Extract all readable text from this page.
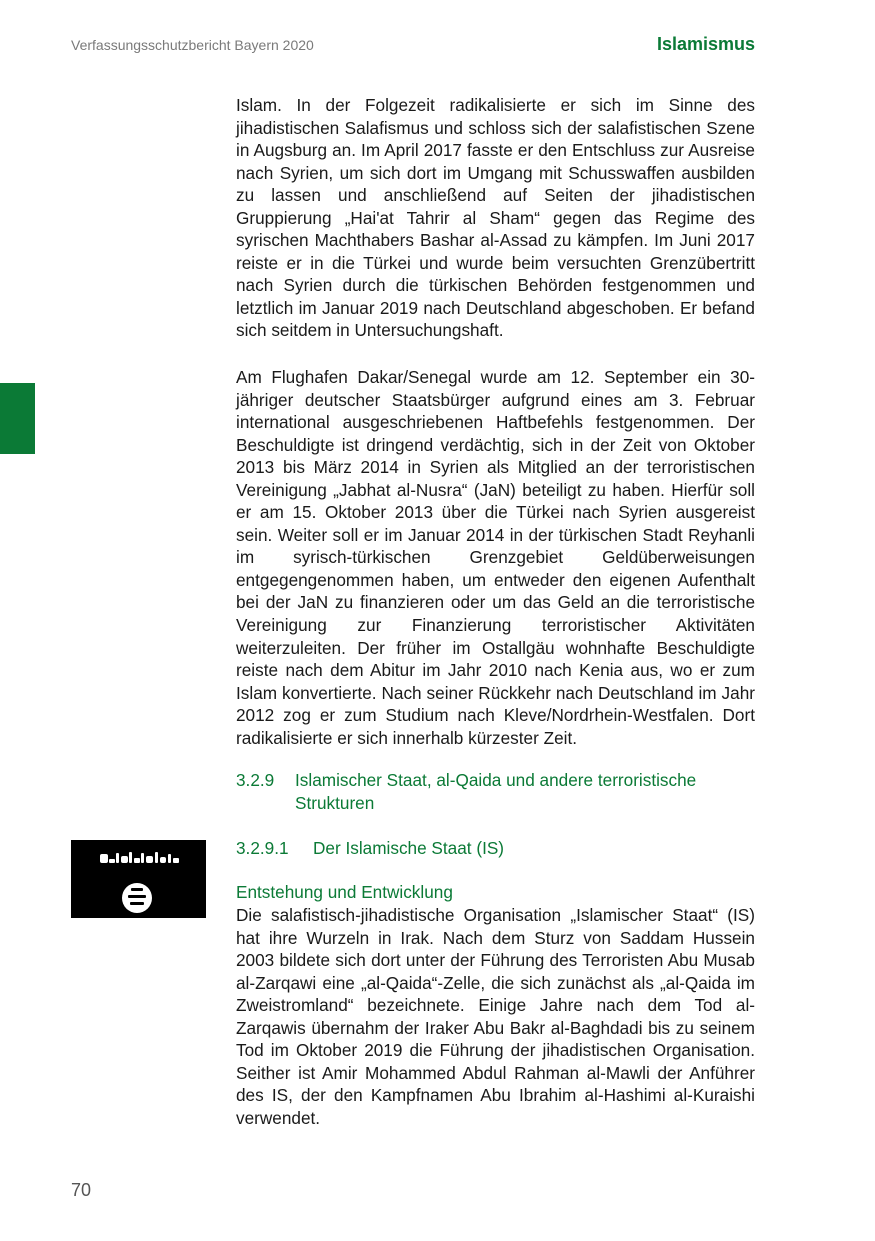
Verfassungsschutzbericht Bayern 2020	Islamismus

Islam. In der Folgezeit radikalisierte er sich im Sinne des jihadistischen Salafismus und schloss sich der salafistischen Szene in Augsburg an. Im April 2017 fasste er den Entschluss zur Ausreise nach Syrien, um sich dort im Umgang mit Schusswaffen ausbilden zu lassen und anschließend auf Seiten der jihadistischen Gruppierung „Hai'at Tahrir al Sham“ gegen das Regime des syrischen Machthabers Bashar al-Assad zu kämpfen. Im Juni 2017 reiste er in die Türkei und wurde beim versuchten Grenzübertritt nach Syrien durch die türkischen Behörden festgenommen und letztlich im Januar 2019 nach Deutschland abgeschoben. Er befand sich seitdem in Untersuchungshaft.

Am Flughafen Dakar/Senegal wurde am 12. September ein 30-jähriger deutscher Staatsbürger aufgrund eines am 3. Februar international ausgeschriebenen Haftbefehls festgenommen. Der Beschuldigte ist dringend verdächtig, sich in der Zeit von Oktober 2013 bis März 2014 in Syrien als Mitglied an der terroristischen Vereinigung „Jabhat al-Nusra“ (JaN) beteiligt zu haben. Hierfür soll er am 15. Oktober 2013 über die Türkei nach Syrien ausgereist sein. Weiter soll er im Januar 2014 in der türkischen Stadt Reyhanli im syrisch-türkischen Grenzgebiet Geldüberweisungen entgegengenommen haben, um entweder den eigenen Aufenthalt bei der JaN zu finanzieren oder um das Geld an die terroristische Vereinigung zur Finanzierung terroristischer Aktivitäten weiterzuleiten. Der früher im Ostallgäu wohnhafte Beschuldigte reiste nach dem Abitur im Jahr 2010 nach Kenia aus, wo er zum Islam konvertierte. Nach seiner Rückkehr nach Deutschland im Jahr 2012 zog er zum Studium nach Kleve/Nordrhein-Westfalen. Dort radikalisierte er sich innerhalb kürzester Zeit.

3.2.9 Islamischer Staat, al-Qaida und andere terroristische Strukturen
3.2.9.1 Der Islamische Staat (IS)
Entstehung und Entwicklung

Die salafistisch-jihadistische Organisation „Islamischer Staat“ (IS) hat ihre Wurzeln in Irak. Nach dem Sturz von Saddam Hussein 2003 bildete sich dort unter der Führung des Terroristen Abu Musab al-Zarqawi eine „al-Qaida“-Zelle, die sich zunächst als „al-Qaida im Zweistromland“ bezeichnete. Einige Jahre nach dem Tod al-Zarqawis übernahm der Iraker Abu Bakr al-Baghdadi bis zu seinem Tod im Oktober 2019 die Führung der jihadistischen Organisation. Seither ist Amir Mohammed Abdul Rahman al-Mawli der Anführer des IS, der den Kampfnamen Abu Ibrahim al-Hashimi al-Kuraishi verwendet.

70
